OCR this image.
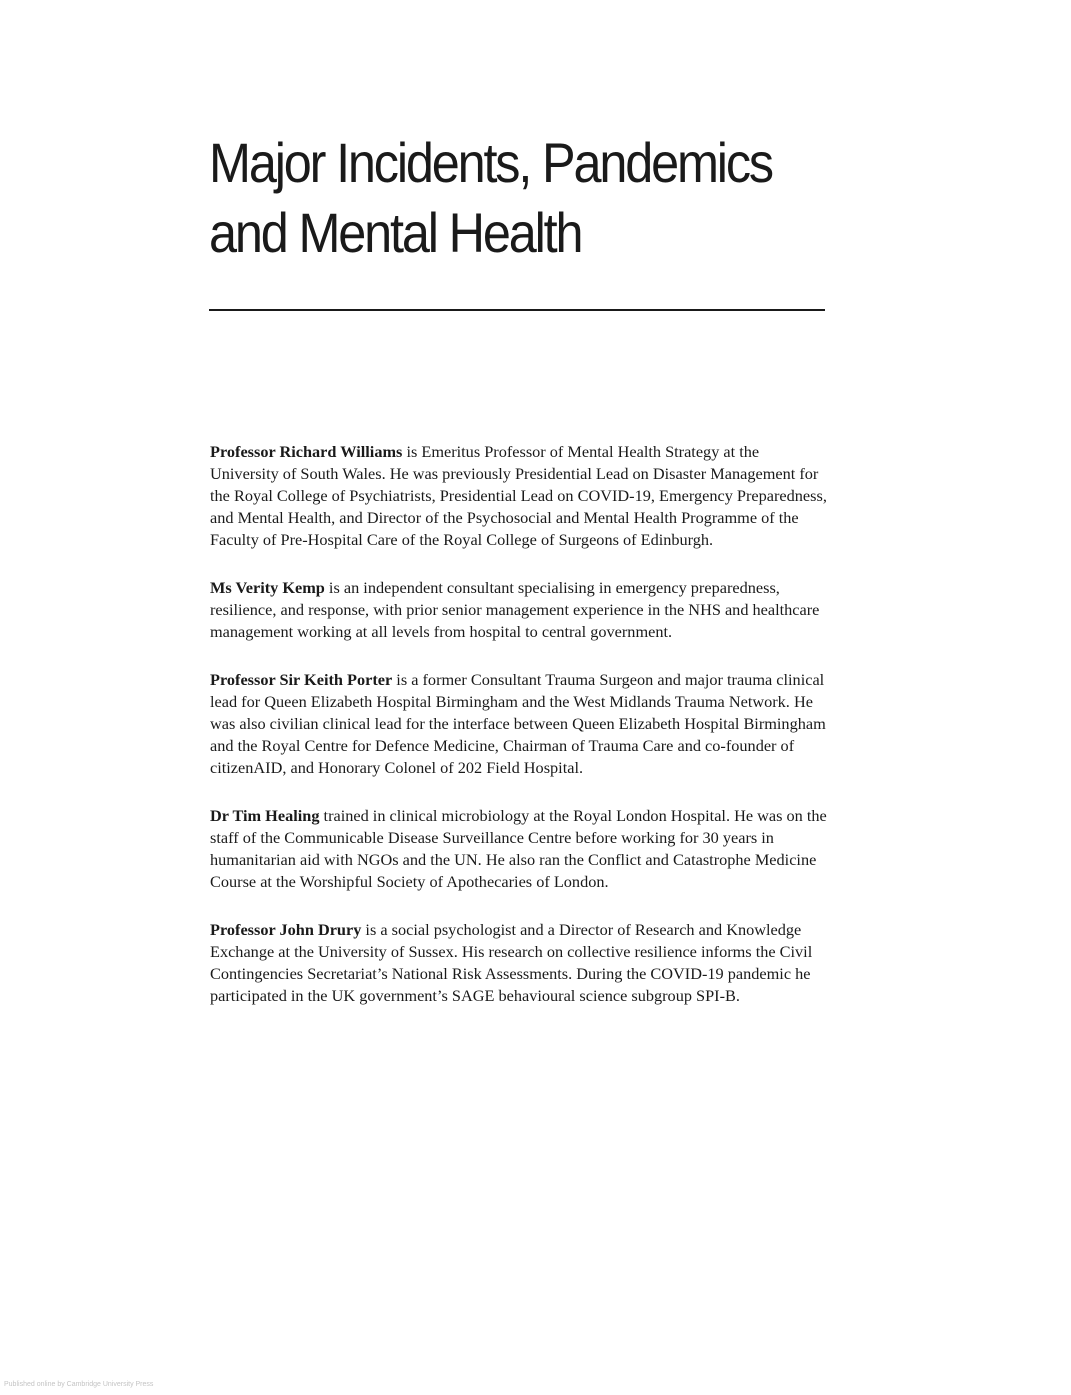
Major Incidents, Pandemics
and Mental Health

Professor Richard Williams is Emeritus Professor of Mental Health Strategy at the University of South Wales. He was previously Presidential Lead on Disaster Management for the Royal College of Psychiatrists, Presidential Lead on COVID-19, Emergency Preparedness, and Mental Health, and Director of the Psychosocial and Mental Health Programme of the Faculty of Pre-Hospital Care of the Royal College of Surgeons of Edinburgh.

Ms Verity Kemp is an independent consultant specialising in emergency preparedness, resilience, and response, with prior senior management experience in the NHS and healthcare management working at all levels from hospital to central government.

Professor Sir Keith Porter is a former Consultant Trauma Surgeon and major trauma clinical lead for Queen Elizabeth Hospital Birmingham and the West Midlands Trauma Network. He was also civilian clinical lead for the interface between Queen Elizabeth Hospital Birmingham and the Royal Centre for Defence Medicine, Chairman of Trauma Care and co-founder of citizenAID, and Honorary Colonel of 202 Field Hospital.

Dr Tim Healing trained in clinical microbiology at the Royal London Hospital. He was on the staff of the Communicable Disease Surveillance Centre before working for 30 years in humanitarian aid with NGOs and the UN. He also ran the Conflict and Catastrophe Medicine Course at the Worshipful Society of Apothecaries of London.

Professor John Drury is a social psychologist and a Director of Research and Knowledge Exchange at the University of Sussex. His research on collective resilience informs the Civil Contingencies Secretariat’s National Risk Assessments. During the COVID-19 pandemic he participated in the UK government’s SAGE behavioural science subgroup SPI-B.

Published online by Cambridge University Press
